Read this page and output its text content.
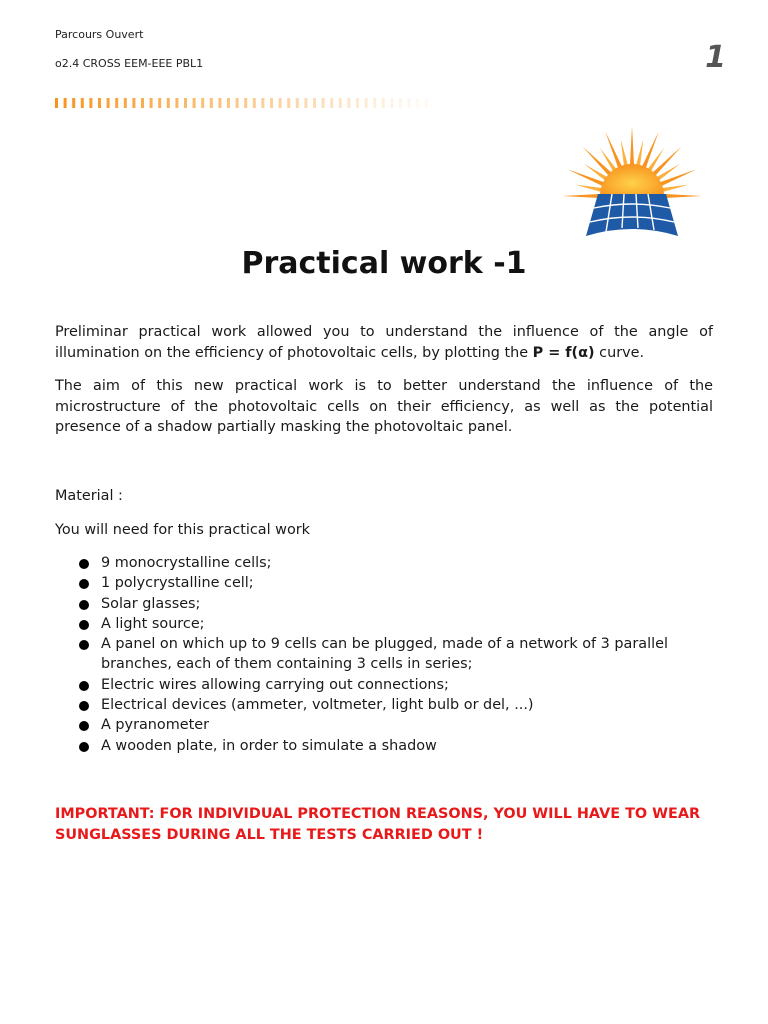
Parcours Ouvert
o2.4 CROSS EEM-EEE PBL1	1
Practical work -1

Preliminar practical work allowed you to understand the influence of the angle of illumination on the efficiency of photovoltaic cells, by plotting the P = f(α) curve.

The aim of this new practical work is to better understand the influence of the microstructure of the photovoltaic cells on their efficiency, as well as the potential presence of a shadow partially masking the photovoltaic panel.

Material :

You will need for this practical work

9 monocrystalline cells;
1 polycrystalline cell;
Solar glasses;
A light source;
A panel on which up to 9 cells can be plugged, made of a network of 3 parallel branches, each of them containing 3 cells in series;
Electric wires allowing carrying out connections;
Electrical devices (ammeter, voltmeter, light bulb or del, ...)
A pyranometer
A wooden plate, in order to simulate a shadow

IMPORTANT: FOR INDIVIDUAL PROTECTION REASONS, YOU WILL HAVE TO WEAR SUNGLASSES DURING ALL THE TESTS CARRIED OUT !
